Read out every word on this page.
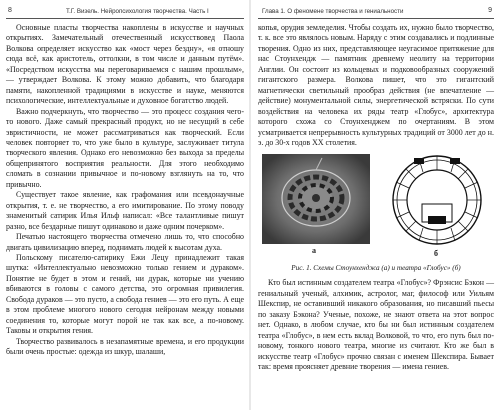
8	Т.Г. Визель. Нейропсихология творчества. Часть I

Основные пласты творчества накоплены в искусстве и научных открытиях. Замечательный отечественный искусствовед Паола Волкова определяет искусство как «мост через бездну», «я отношу сюда всё, как аристотель, оттолкни, в том числе и данным путём». «Посредством искусства мы переговариваемся с нашим прошлым», — утверждает Волкова. К этому можно добавить, что благодаря памяти, накопленной традициями в искусстве и науке, меняются психологические, интеллектуальные и духовное богатство людей.

Важно подчеркнуть, что творчество — это процесс создания чего-то нового. Даже самый прекрасный продукт, но не несущий в себе эвристичности, не может рассматриваться как творческий. Если человек повторяет то, что уже было в культуре, заслуживает титула творческого явления. Однако его невозможно без выхода за пределы общепринятого восприятия реальности. Для этого необходимо сломать в сознании привычное и по-новому взглянуть на то, что привычно.

Существует такое явление, как графомания или псевдонаучные открытия, т. е. не творчество, а его имитирование. По этому поводу знаменитый сатирик Илья Ильф написал: «Все талантливые пишут разно, все бездарные пишут одинаково и даже одним почерком».

Печатью настоящего творчества отмечено лишь то, что способно двигать цивилизацию вперед, поднимать людей к высотам духа.

Польскому писателю-сатирику Ежи Лецу принадлежит такая шутка: «Интеллектуально невозможно только гением и дураком». Понятие не будет в этом и гений, ни дурак, которые ни учению вбиваются в головы с самого детства, это огромная привилегия. Свобода дураков — это пусто, а свобода гениев — это его путь. А еще в этом проблеме многого нового сегодня нейронам между новыми соединения то, которые могут порой не так как все, а по-новому. Таковы и открытия гения.

Творчество развивалось в незапамятные времена, и его продукции были очень простые: одежда из шкур, шалаши,

Глава 1. О феномене творчества и гениальности	9

копья, орудия земледелия. Чтобы создать их, нужно было творчество, т. к. все это являлось новым. Наряду с этим создавались и подлинные творения. Одно из них, представляющее неугасимое притяжение для нас Стоунхендж — памятник древнему неолиту на территории Англии. Он состоит из кольцевых и подковообразных сооружений гигантского размера. Волкова пишет, что это гигантский магнетически светильный прообраз действия (не впечатление — действие) монументальной силы, энергетической встряски. По сути воздействия на человека их ряды театр «Глобус», архитектура которого схожа со Стоунхенджем по очертаниям. В этом усматривается непрерывность культурных традиций от 3000 лет до н. э. до 30-х годов XX столетия.

а	б
Рис. 1. Схемы Стоунхенджа (а) и театра «Глобус» (б)

Кто был истинным создателем театра «Глобус»? Фрэнсис Бэкон — гениальный ученый, алхимик, астролог, маг, философ или Уильям Шекспир, не оставивший никакого образования, но писавший пьесы по заказу Бэкона? Ученые, похоже, не знают ответа на этот вопрос нет. Однако, в любом случае, кто бы ни был истинным создателем театра «Глобус», в нем есть вклад Волковой, то что, его путь был по-новому, тонкого нового театра, многие из считают. Кто же был в искусстве театр «Глобус» прочно связан с именем Шекспира. Бывает так: время проясняет древние творения — имена гениев.
